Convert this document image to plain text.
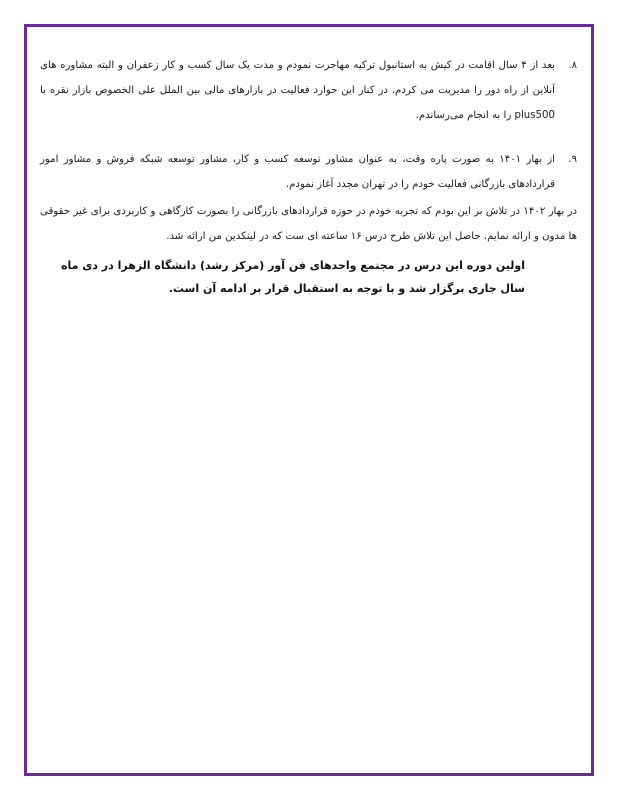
۸.
بعد از ۴ سال اقامت در کیش به استانبول ترکیه مهاجرت نمودم و مدت یک سال کسب و کار زعفران و البته مشاوره های آنلاین از راه دور را مدیریت می کردم. در کنار این حوارد فعالیت در بازارهای مالی بین الملل علی الخصوص بازار نقره با plus500 را به انجام می‌رساندم.
۹.
از بهار ۱۴۰۱ به صورت پاره وقت، به عنوان مشاور توسعه کسب و کار، مشاور توسعه شبکه فروش و مشاور امور قراردادهای بازرگانی فعالیت خودم را در تهران مجدد آغاز نمودم.

در بهار ۱۴۰۲ در تلاش بر این بودم که تجربه خودم در حوزه قراردادهای بازرگانی را بصورت کارگاهی و کاربردی برای غیر حقوقی ها مدون و ارائه نمایم. حاصل این تلاش طرح درس ۱۶ ساعته ای ست که در لینکدین من ارائه شد.

اولین دوره این درس در مجتمع واحدهای فن آور (مرکز رشد) دانشگاه الزهرا در دی ماه سال جاری برگزار شد و با توجه به استقبال قرار بر ادامه آن است.
